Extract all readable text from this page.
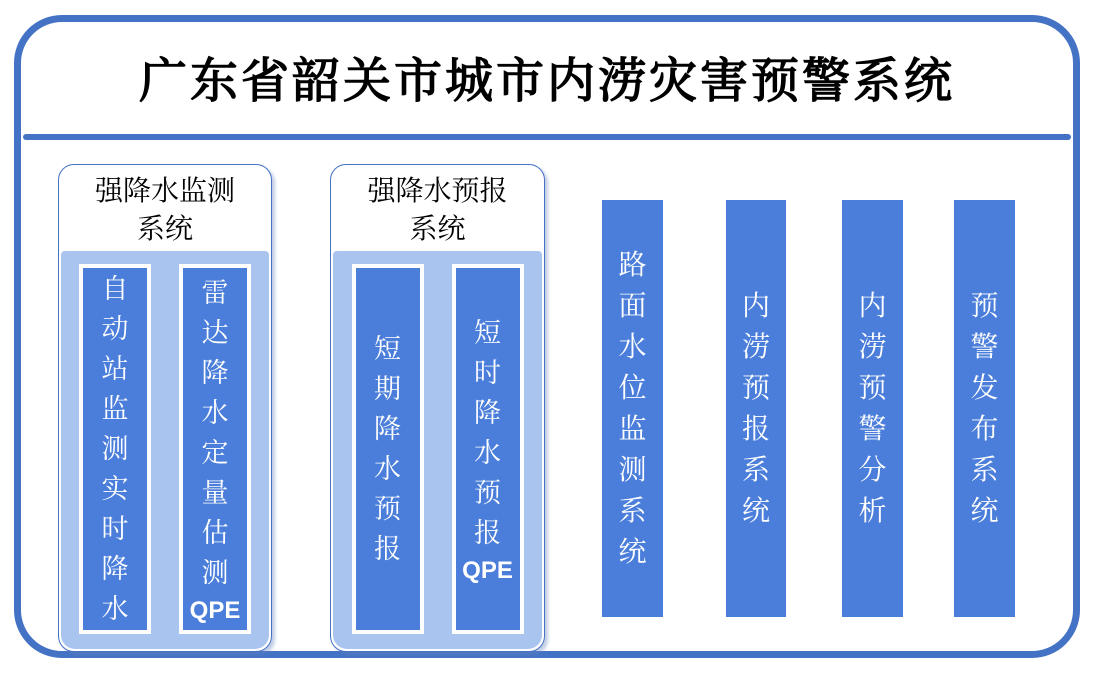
广东省韶关市城市内涝灾害预警系统
强降水监测系统
自动站监测实时降水
雷达降水定量估测
QPE
强降水预报系统
短期降水预报
短时降水预报
QPE
路面水位监测系统
内涝预报系统
内涝预警分析
预警发布系统
